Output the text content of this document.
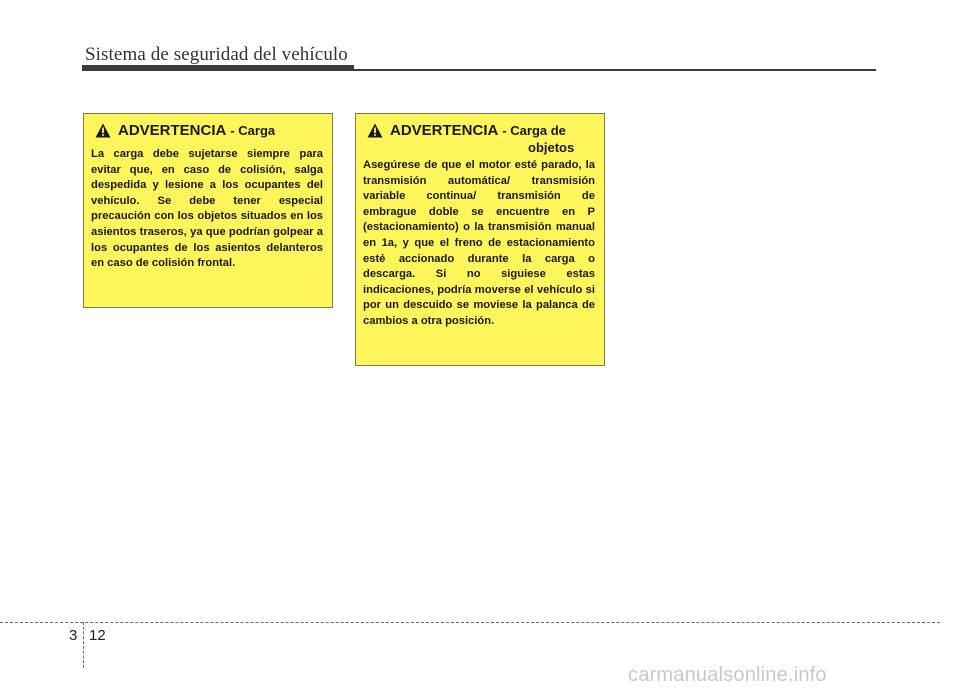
Sistema de seguridad del vehículo
ADVERTENCIA - Carga
La carga debe sujetarse siempre para evitar que, en caso de colisión, salga despedida y lesione a los ocupantes del vehículo. Se debe tener especial precaución con los objetos situados en los asientos traseros, ya que podrían golpear a los ocupantes de los asientos delanteros en caso de colisión frontal.
ADVERTENCIA - Carga de
objetos
Asegúrese de que el motor esté parado, la transmisión automática/ transmisión variable continua/ transmisión de embrague doble se encuentre en P (estacionamiento) o la transmisión manual en 1a, y que el freno de estacionamiento esté accionado durante la carga o descarga. Si no siguiese estas indicaciones, podría moverse el vehículo si por un descuido se moviese la palanca de cambios a otra posición.
3 12
carmanualsonline.info
